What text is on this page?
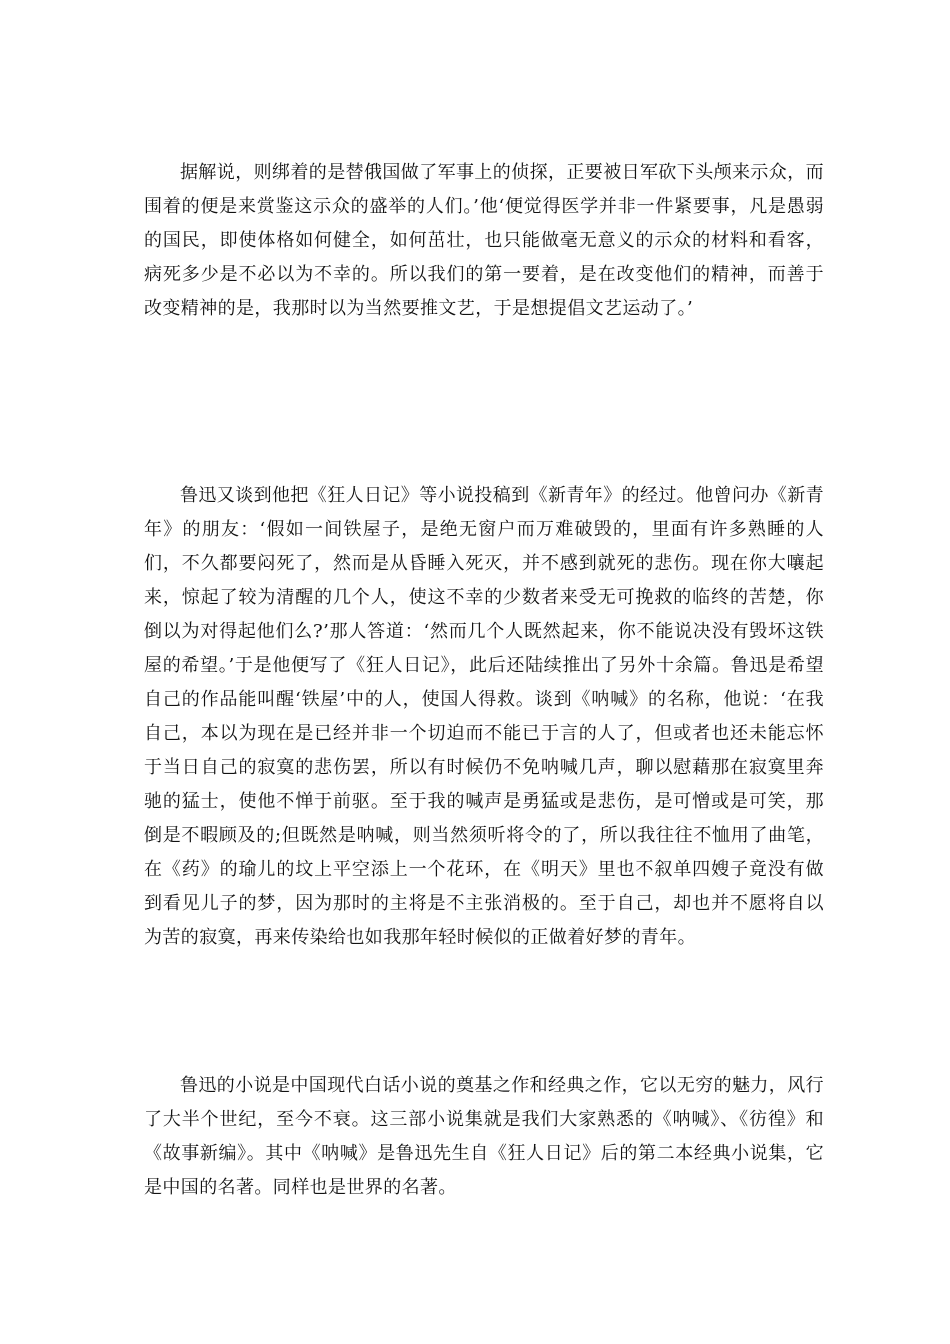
据解说，则绑着的是替俄国做了军事上的侦探，正要被日军砍下头颅来示众，而围着的便是来赏鉴这示众的盛举的人们。’他‘便觉得医学并非一件紧要事，凡是愚弱的国民，即使体格如何健全，如何茁壮，也只能做毫无意义的示众的材料和看客，病死多少是不必以为不幸的。所以我们的第一要着，是在改变他们的精神，而善于改变精神的是，我那时以为当然要推文艺，于是想提倡文艺运动了。’

鲁迅又谈到他把《狂人日记》等小说投稿到《新青年》的经过。他曾问办《新青年》的朋友：‘假如一间铁屋子，是绝无窗户而万难破毁的，里面有许多熟睡的人们，不久都要闷死了，然而是从昏睡入死灭，并不感到就死的悲伤。现在你大嚷起来，惊起了较为清醒的几个人，使这不幸的少数者来受无可挽救的临终的苦楚，你倒以为对得起他们么?’那人答道：‘然而几个人既然起来，你不能说决没有毁坏这铁屋的希望。’于是他便写了《狂人日记》，此后还陆续推出了另外十余篇。鲁迅是希望自己的作品能叫醒‘铁屋’中的人，使国人得救。谈到《呐喊》的名称，他说：‘在我自己，本以为现在是已经并非一个切迫而不能已于言的人了，但或者也还未能忘怀于当日自己的寂寞的悲伤罢，所以有时候仍不免呐喊几声，聊以慰藉那在寂寞里奔驰的猛士，使他不惮于前驱。至于我的喊声是勇猛或是悲伤，是可憎或是可笑，那倒是不暇顾及的;但既然是呐喊，则当然须听将令的了，所以我往往不恤用了曲笔，在《药》的瑜儿的坟上平空添上一个花环，在《明天》里也不叙单四嫂子竟没有做到看见儿子的梦，因为那时的主将是不主张消极的。至于自己，却也并不愿将自以为苦的寂寞，再来传染给也如我那年轻时候似的正做着好梦的青年。

鲁迅的小说是中国现代白话小说的奠基之作和经典之作，它以无穷的魅力，风行了大半个世纪，至今不衰。这三部小说集就是我们大家熟悉的《呐喊》、《彷徨》和《故事新编》。其中《呐喊》是鲁迅先生自《狂人日记》后的第二本经典小说集，它是中国的名著。同样也是世界的名著。
